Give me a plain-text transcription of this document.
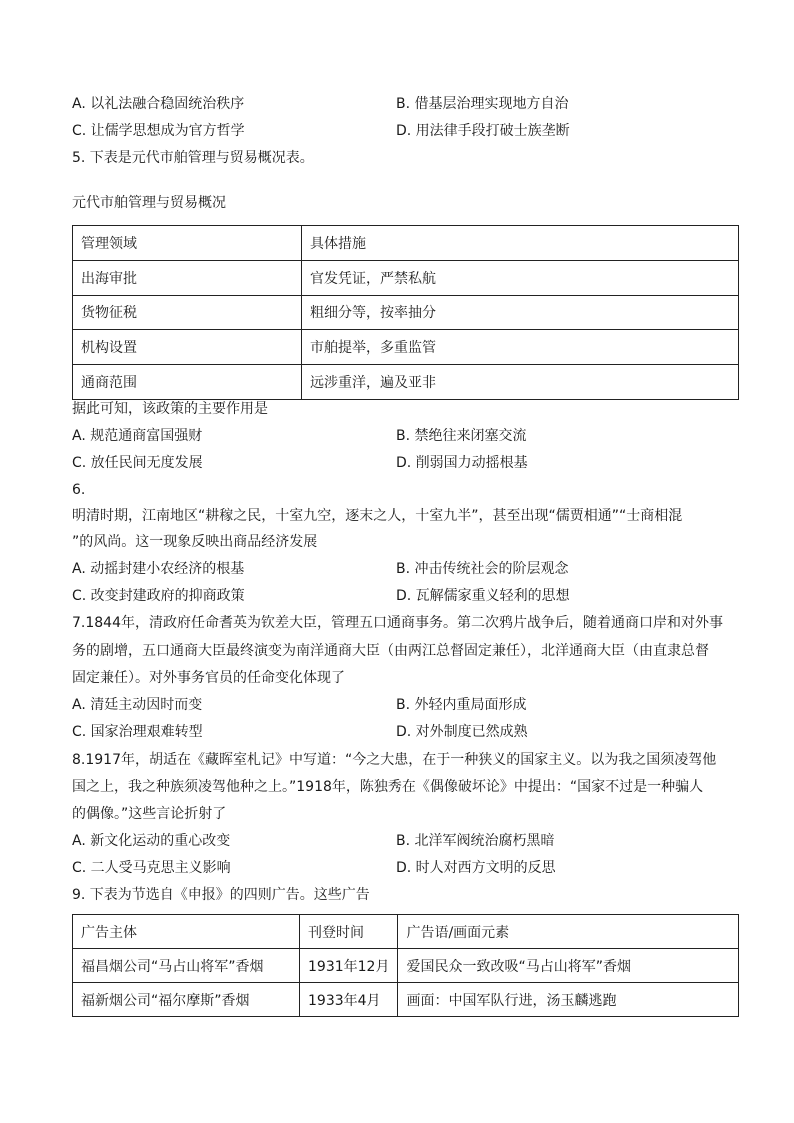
A. 以礼法融合稳固统治秩序	B. 借基层治理实现地方自治
C. 让儒学思想成为官方哲学	D. 用法律手段打破士族垄断
5. 下表是元代市舶管理与贸易概况表。
元代市舶管理与贸易概况
管理领域	具体措施
出海审批	官发凭证，严禁私航
货物征税	粗细分等，按率抽分
机构设置	市舶提举，多重监管
通商范围	远涉重洋，遍及亚非
据此可知，该政策的主要作用是
A. 规范通商富国强财	B. 禁绝往来闭塞交流
C. 放任民间无度发展	D. 削弱国力动摇根基
6.
明清时期，江南地区“耕稼之民，十室九空，逐末之人，十室九半”，甚至出现“儒贾相通”“士商相混
”的风尚。这一现象反映出商品经济发展
A. 动摇封建小农经济的根基	B. 冲击传统社会的阶层观念
C. 改变封建政府的抑商政策	D. 瓦解儒家重义轻利的思想
7.1844年，清政府任命耆英为钦差大臣，管理五口通商事务。第二次鸦片战争后，随着通商口岸和对外事
务的剧增，五口通商大臣最终演变为南洋通商大臣（由两江总督固定兼任），北洋通商大臣（由直隶总督
固定兼任）。对外事务官员的任命变化体现了
A. 清廷主动因时而变	B. 外轻内重局面形成
C. 国家治理艰难转型	D. 对外制度已然成熟
8.1917年，胡适在《藏晖室札记》中写道：“今之大患，在于一种狭义的国家主义。以为我之国须凌驾他
国之上，我之种族须凌驾他种之上。”1918年，陈独秀在《偶像破坏论》中提出：“国家不过是一种骗人
的偶像。”这些言论折射了
A. 新文化运动的重心改变	B. 北洋军阀统治腐朽黑暗
C. 二人受马克思主义影响	D. 时人对西方文明的反思
9. 下表为节选自《申报》的四则广告。这些广告
广告主体	刊登时间	广告语/画面元素
福昌烟公司“马占山将军”香烟	1931年12月	爱国民众一致改吸“马占山将军”香烟
福新烟公司“福尔摩斯”香烟	1933年4月	画面：中国军队行进，汤玉麟逃跑
